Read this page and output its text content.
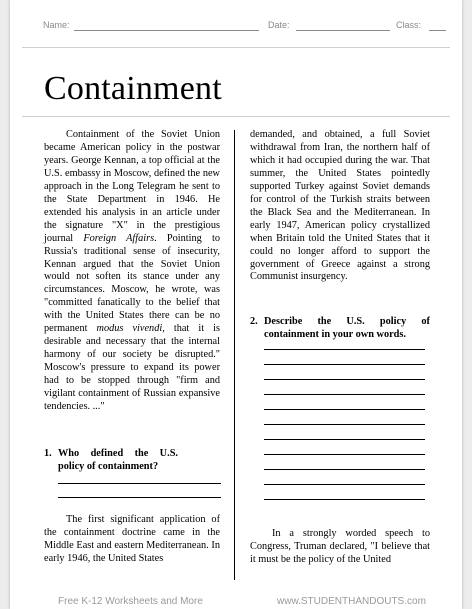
Name:	Date:	Class:
Containment

Containment of the Soviet Union became American policy in the postwar years. George Kennan, a top official at the U.S. embassy in Moscow, defined the new approach in the Long Telegram he sent to the State Department in 1946. He extended his analysis in an article under the signature "X" in the prestigious journal Foreign Affairs. Pointing to Russia's traditional sense of insecurity, Kennan argued that the Soviet Union would not soften its stance under any circumstances. Moscow, he wrote, was "committed fanatically to the belief that with the United States there can be no permanent modus vivendi, that it is desirable and necessary that the internal harmony of our society be disrupted." Moscow's pressure to expand its power had to be stopped through "firm and vigilant containment of Russian expansive tendencies. ..."

1. Who defined the U.S. policy of containment?

The first significant application of the containment doctrine came in the Middle East and eastern Mediterranean. In early 1946, the United States

demanded, and obtained, a full Soviet withdrawal from Iran, the northern half of which it had occupied during the war. That summer, the United States pointedly supported Turkey against Soviet demands for control of the Turkish straits between the Black Sea and the Mediterranean. In early 1947, American policy crystallized when Britain told the United States that it could no longer afford to support the government of Greece against a strong Communist insurgency.

2. Describe the U.S. policy of containment in your own words.

In a strongly worded speech to Congress, Truman declared, "I believe that it must be the policy of the United

Free K-12 Worksheets and More	www.STUDENTHANDOUTS.com
